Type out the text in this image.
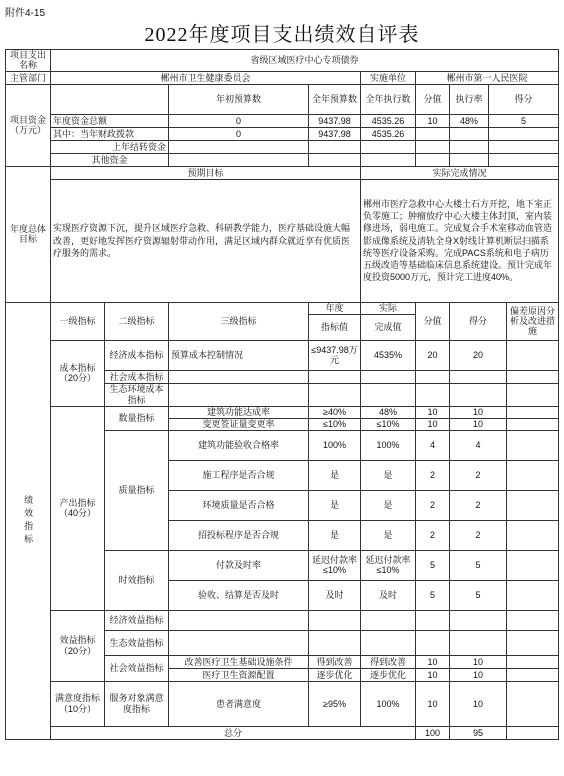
附件4-15
2022年度项目支出绩效自评表
项目支出名称	省级区域医疗中心专项债券								
主管部门	郴州市卫生健康委员会				实施单位	郴州市第一人民医院			
项目资金（万元）			年初预算数	全年预算数	全年执行数	分值	执行率	得分	
	年度资金总额		0	9437.98	4535.26	10	48%	5	
	其中：当年财政拨款		0	9437.98	4535.26				
	上年结转资金								
	其他资金								
年度总体目标	预期目标				实际完成情况				
	实现医疗资源下沉，提升区域医疗急救、科研教学能力，医疗基础设施大幅改善，更好地发挥医疗资源辐射带动作用，满足区域内群众就近享有优质医疗服务的需求。				郴州市医疗急救中心大楼土石方开挖，地下室正负零施工；肿瘤放疗中心大楼主体封顶，室内装修进场，弱电施工。完成复合手术室移动血管造影成像系统及清轨全身X射线计算机断层扫描系统等医疗设备采购。完成PACS系统和电子病历五级改造等基础临床信息系统建设。预计完成年度投资5000万元，预计完工进度40%。				

绩效指标	一级指标	二级指标	三级指标	年度	实际	分值	得分		偏差原因分析及改进措施
				指标值	完成值				
	成本指标（20分）	经济成本指标	预算成本控制情况	≤9437.98万元	4535%	20	20		
		社会成本指标							
		生态环境成本指标							
	产出指标（40分）	数量指标	建筑功能达成率	≥40%	48%	10	10		
			变更签证量变更率	≤10%	≤10%	10	10		
		质量指标	建筑功能验收合格率	100%	100%	4	4		
			施工程序是否合规	是	是	2	2		
			环境质量是否合格	是	是	2	2		
			招投标程序是否合规	是	是	2	2		
		时效指标	付款及时率	延迟付款率≤10%	延迟付款率≤10%	5	5		
			验收、结算是否及时	及时	及时	5	5		
	效益指标（20分）	经济效益指标							
		生态效益指标							
		社会效益指标	改善医疗卫生基础设施条件	得到改善	得到改善	10	10		
			医疗卫生资源配置	逐步优化	逐步优化	10	10		
	满意度指标（10分）	服务对象满意度指标	患者满意度	≥95%	100%	10	10		
	总分					100	95		
